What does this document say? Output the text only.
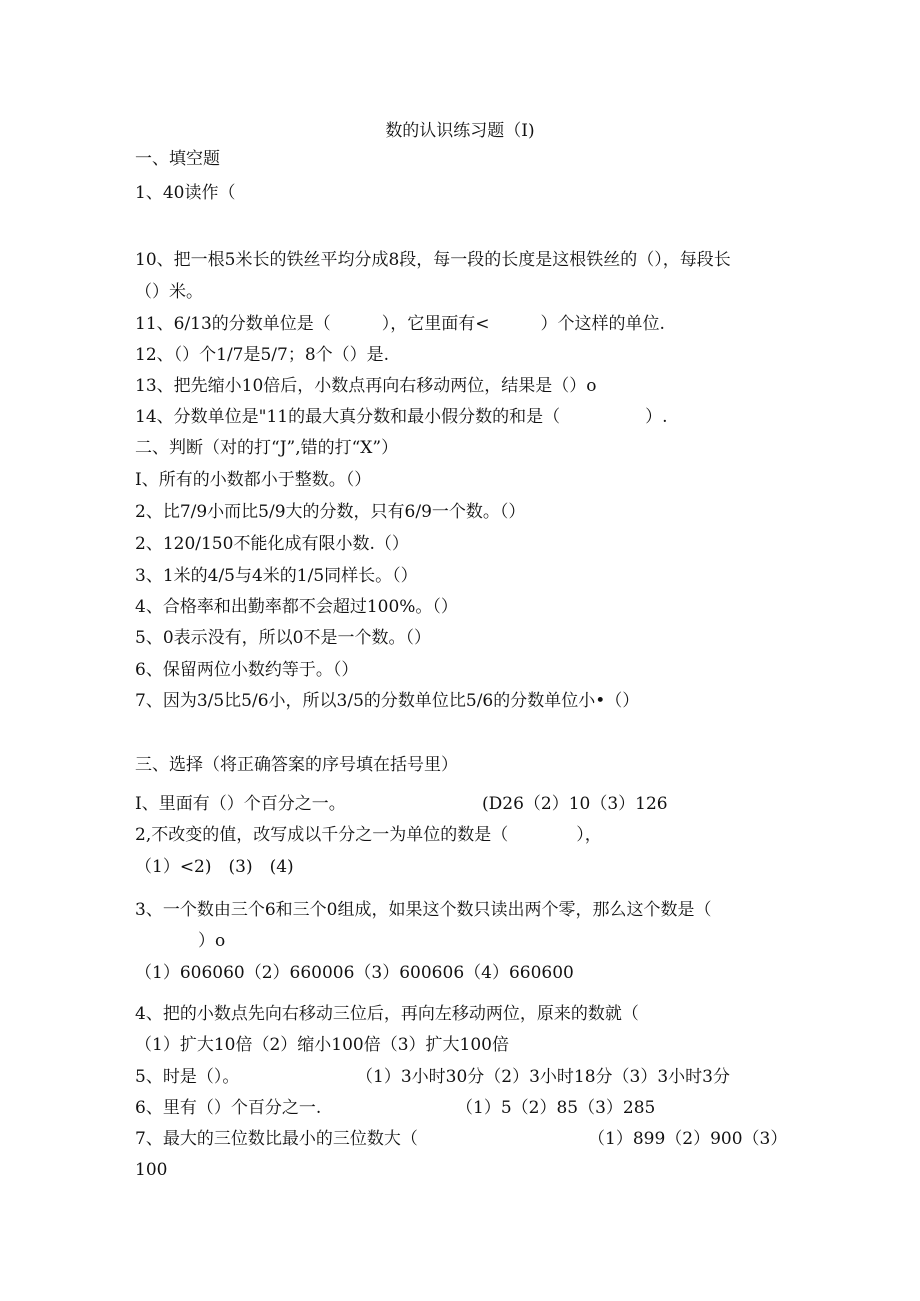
数的认识练习题（I)
一、填空题
1、40读作（
10、把一根5米长的铁丝平均分成8段，每一段的长度是这根铁丝的（），每段长
（）米。
11、6/13的分数单位是（　　　），它里面有<　　　）个这样的单位.
12、（）个1/7是5/7；8个（）是.
13、把先缩小10倍后，小数点再向右移动两位，结果是（）o
14、分数单位是"11的最大真分数和最小假分数的和是（　　　　　）.
二、判断（对的打“J”,错的打“X”）
I、所有的小数都小于整数。（）
2、比7/9小而比5/9大的分数，只有6/9一个数。（）
2、120/150不能化成有限小数.（）
3、1米的4/5与4米的1/5同样长。（）
4、合格率和出勤率都不会超过100%。（）
5、0表示没有，所以0不是一个数。（）
6、保留两位小数约等于。（）
7、因为3/5比5/6小，所以3/5的分数单位比5/6的分数单位小•（）
三、选择（将正确答案的序号填在括号里）
I、里面有（）个百分之一。	(D26（2）10（3）126
2,不改变的值，改写成以千分之一为单位的数是（　　　　），
（1）<2)　(3)　(4)
3、一个数由三个6和三个0组成，如果这个数只读出两个零，那么这个数是（
）o
（1）606060（2）660006（3）600606（4）660600
4、把的小数点先向右移动三位后，再向左移动两位，原来的数就（
（1）扩大10倍（2）缩小100倍（3）扩大100倍
5、时是（）。	（1）3小时30分（2）3小时18分（3）3小时3分
6、里有（）个百分之一.	（1）5（2）85（3）285
7、最大的三位数比最小的三位数大（	（1）899（2）900（3）
100
